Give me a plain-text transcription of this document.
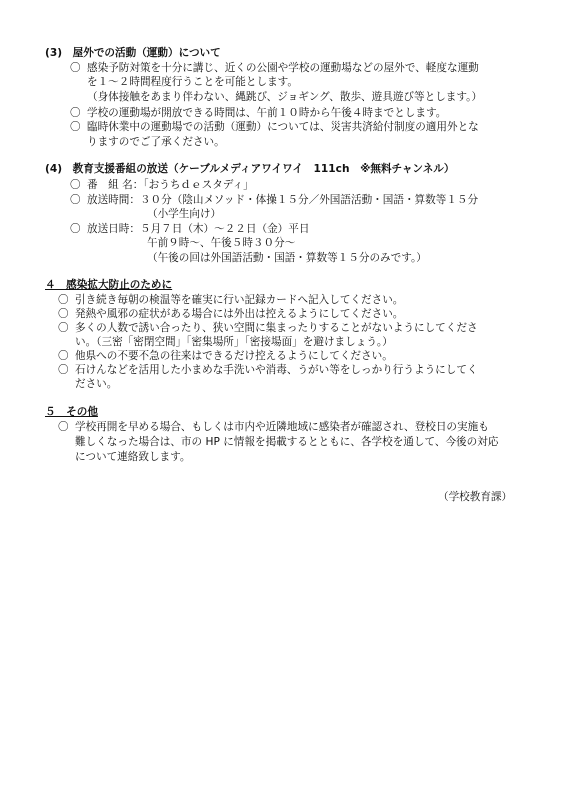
(3)　屋外での活動（運動）について
〇 感染予防対策を十分に講じ、近くの公園や学校の運動場などの屋外で、軽度な運動
を１～２時間程度行うことを可能とします。
（身体接触をあまり伴わない、縄跳び、ジョギング、散歩、遊具遊び等とします。）
〇 学校の運動場が開放できる時間は、午前１０時から午後４時までとします。
〇 臨時休業中の運動場での活動（運動）については、災害共済給付制度の適用外とな
りますのでご了承ください。
(4)　教育支援番組の放送（ケーブルメディアワイワイ　111ch　※無料チャンネル）
〇 番　組 名：「おうちｄｅスタディ」
〇 放送時間：３０分（陰山メソッド・体操１５分／外国語活動・国語・算数等１５分
（小学生向け）
〇 放送日時：５月７日（木）～２２日（金）平日
午前９時～、午後５時３０分～
（午後の回は外国語活動・国語・算数等１５分のみです。）
４　感染拡大防止のために
〇 引き続き毎朝の検温等を確実に行い記録カードへ記入してください。
〇 発熱や風邪の症状がある場合には外出は控えるようにしてください。
〇 多くの人数で誘い合ったり、狭い空間に集まったりすることがないようにしてくださ
い。（三密「密閉空間」「密集場所」「密接場面」を避けましょう。）
〇 他県への不要不急の往来はできるだけ控えるようにしてください。
〇 石けんなどを活用した小まめな手洗いや消毒、うがい等をしっかり行うようにしてく
ださい。
５　その他
〇 学校再開を早める場合、もしくは市内や近隣地域に感染者が確認され、登校日の実施も
難しくなった場合は、市の HP に情報を掲載するとともに、各学校を通して、今後の対応
について連絡致します。
（学校教育課）
